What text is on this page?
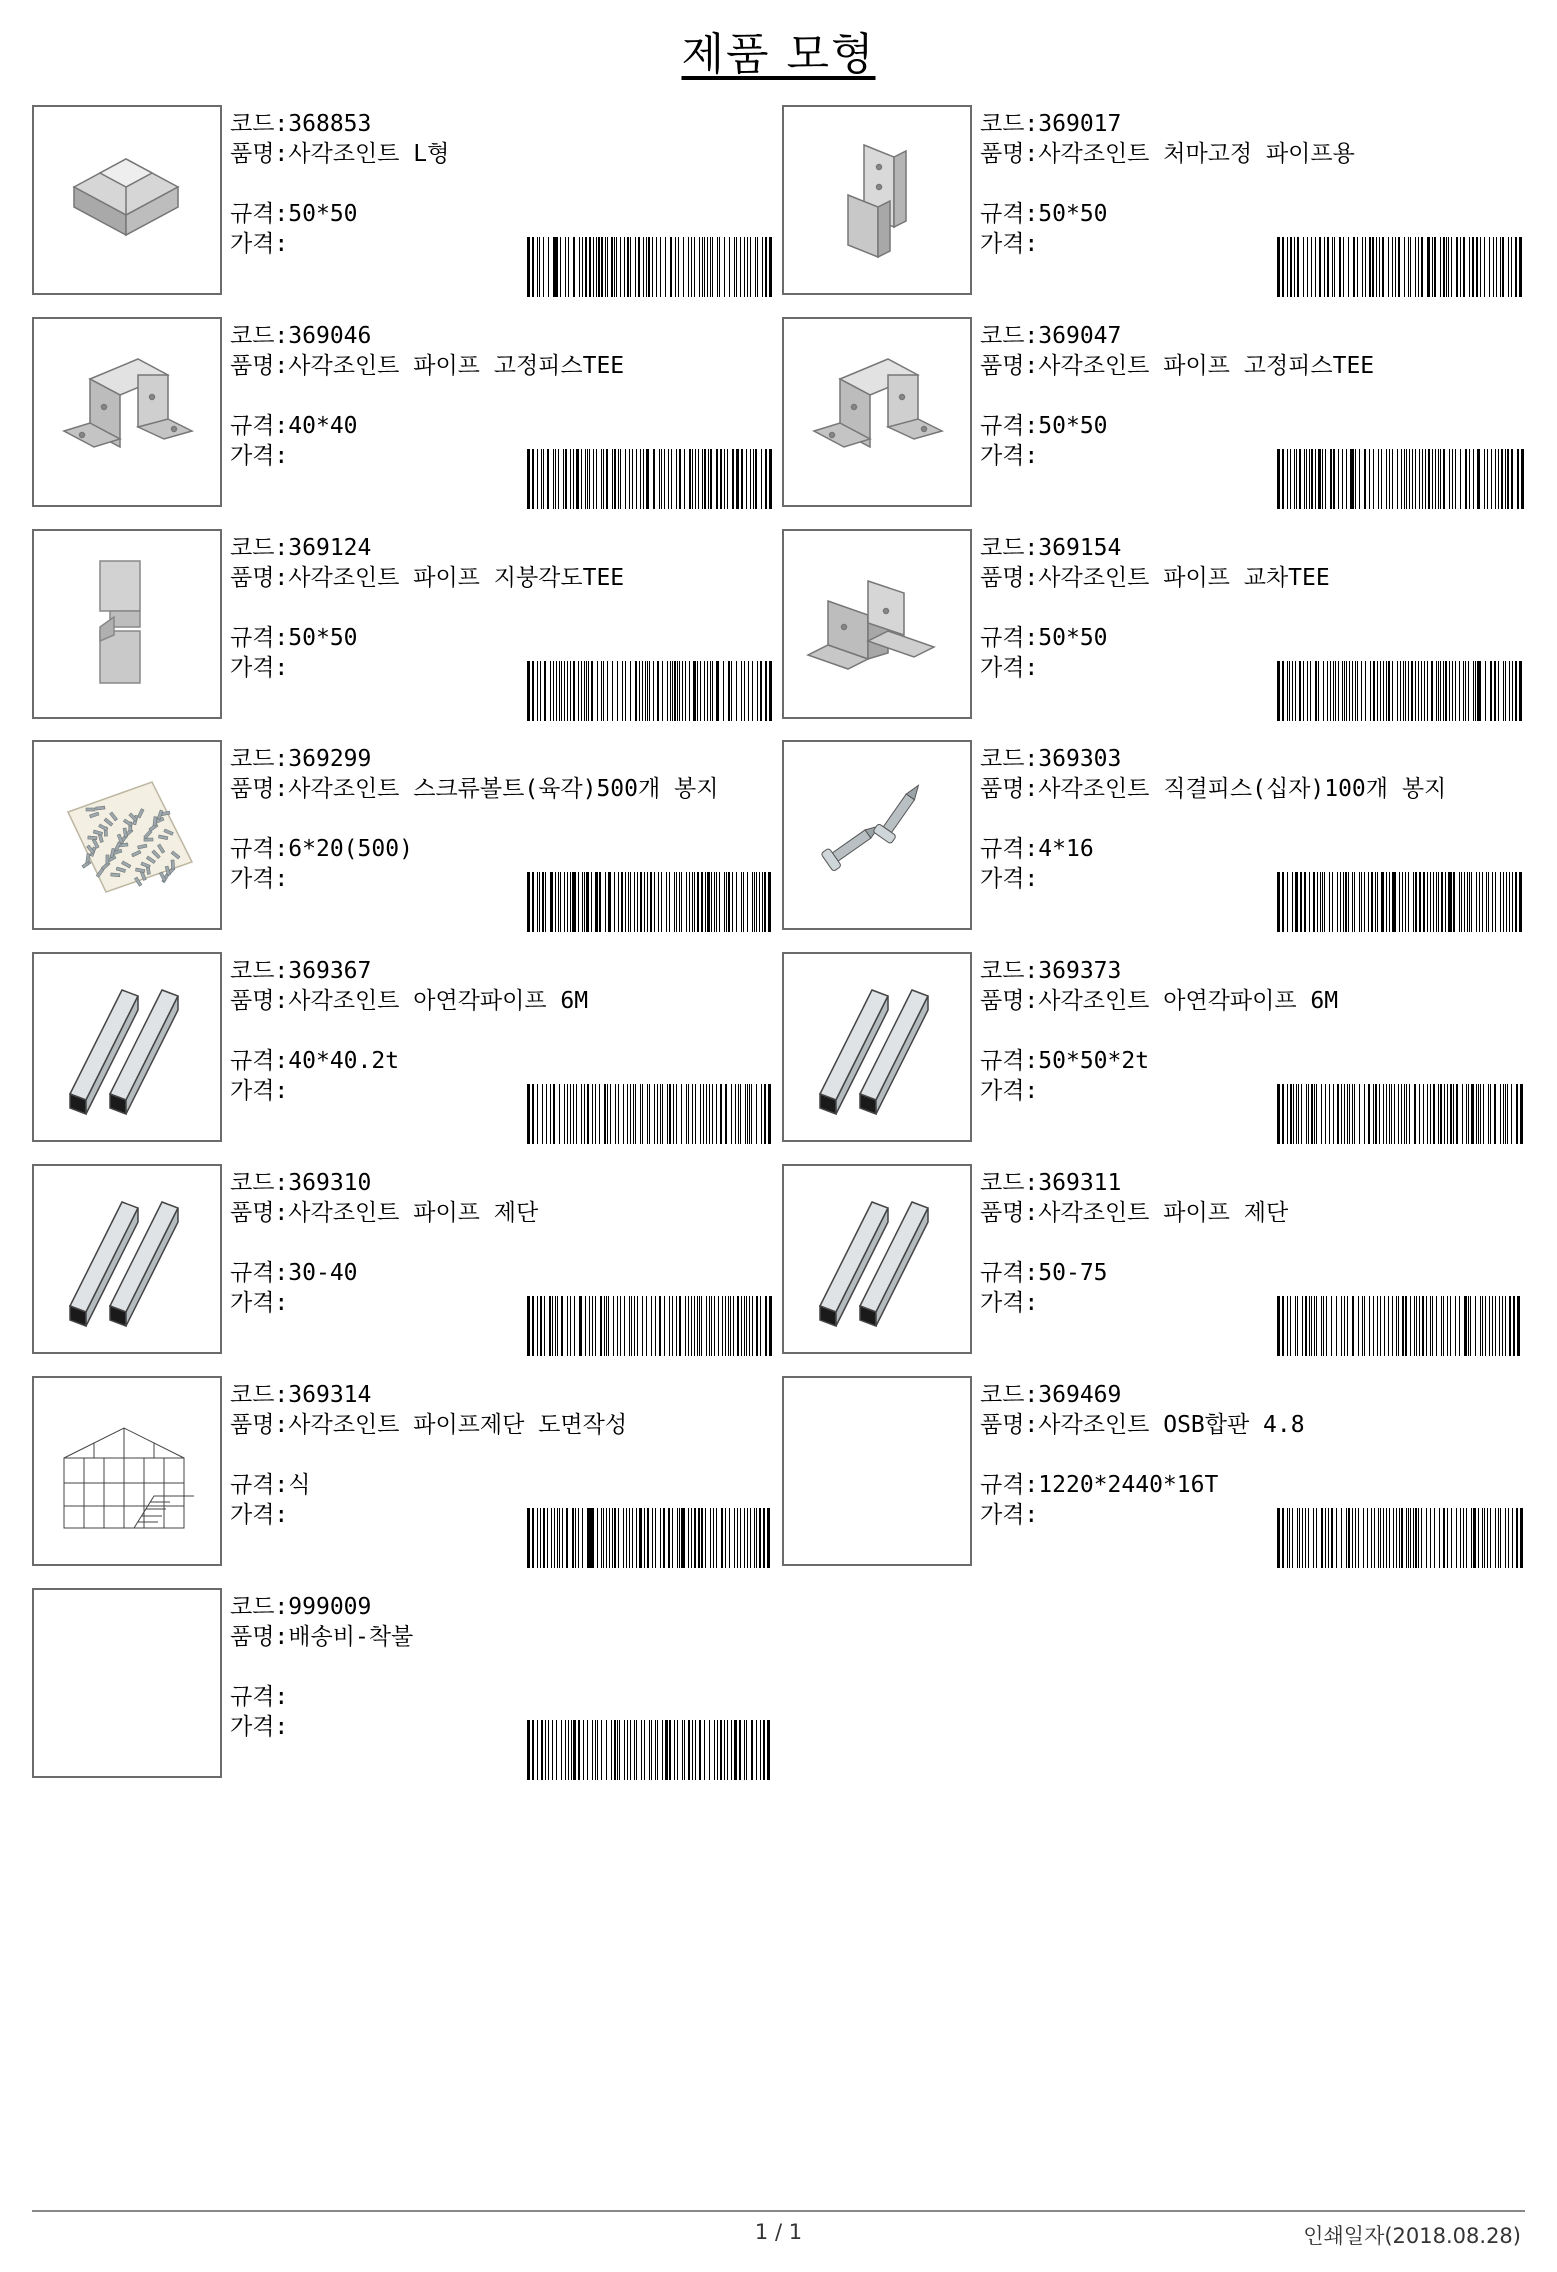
제품 모형
코드:368853
품명:사각조인트 L형
규격:50*50
가격:
코드:369017
품명:사각조인트 처마고정 파이프용
규격:50*50
가격:
코드:369046
품명:사각조인트 파이프 고정피스TEE
규격:40*40
가격:
코드:369047
품명:사각조인트 파이프 고정피스TEE
규격:50*50
가격:
코드:369124
품명:사각조인트 파이프 지붕각도TEE
규격:50*50
가격:
코드:369154
품명:사각조인트 파이프 교차TEE
규격:50*50
가격:
코드:369299
품명:사각조인트 스크류볼트(육각)500개 봉지
규격:6*20(500)
가격:
코드:369303
품명:사각조인트 직결피스(십자)100개 봉지
규격:4*16
가격:
코드:369367
품명:사각조인트 아연각파이프 6M
규격:40*40.2t
가격:
코드:369373
품명:사각조인트 아연각파이프 6M
규격:50*50*2t
가격:
코드:369310
품명:사각조인트 파이프 제단
규격:30-40
가격:
코드:369311
품명:사각조인트 파이프 제단
규격:50-75
가격:
코드:369314
품명:사각조인트 파이프제단 도면작성
규격:식
가격:
코드:369469
품명:사각조인트 OSB합판 4.8
규격:1220*2440*16T
가격:
코드:999009
품명:배송비-착불
규격:
가격:
1 / 1	인쇄일자(2018.08.28)
